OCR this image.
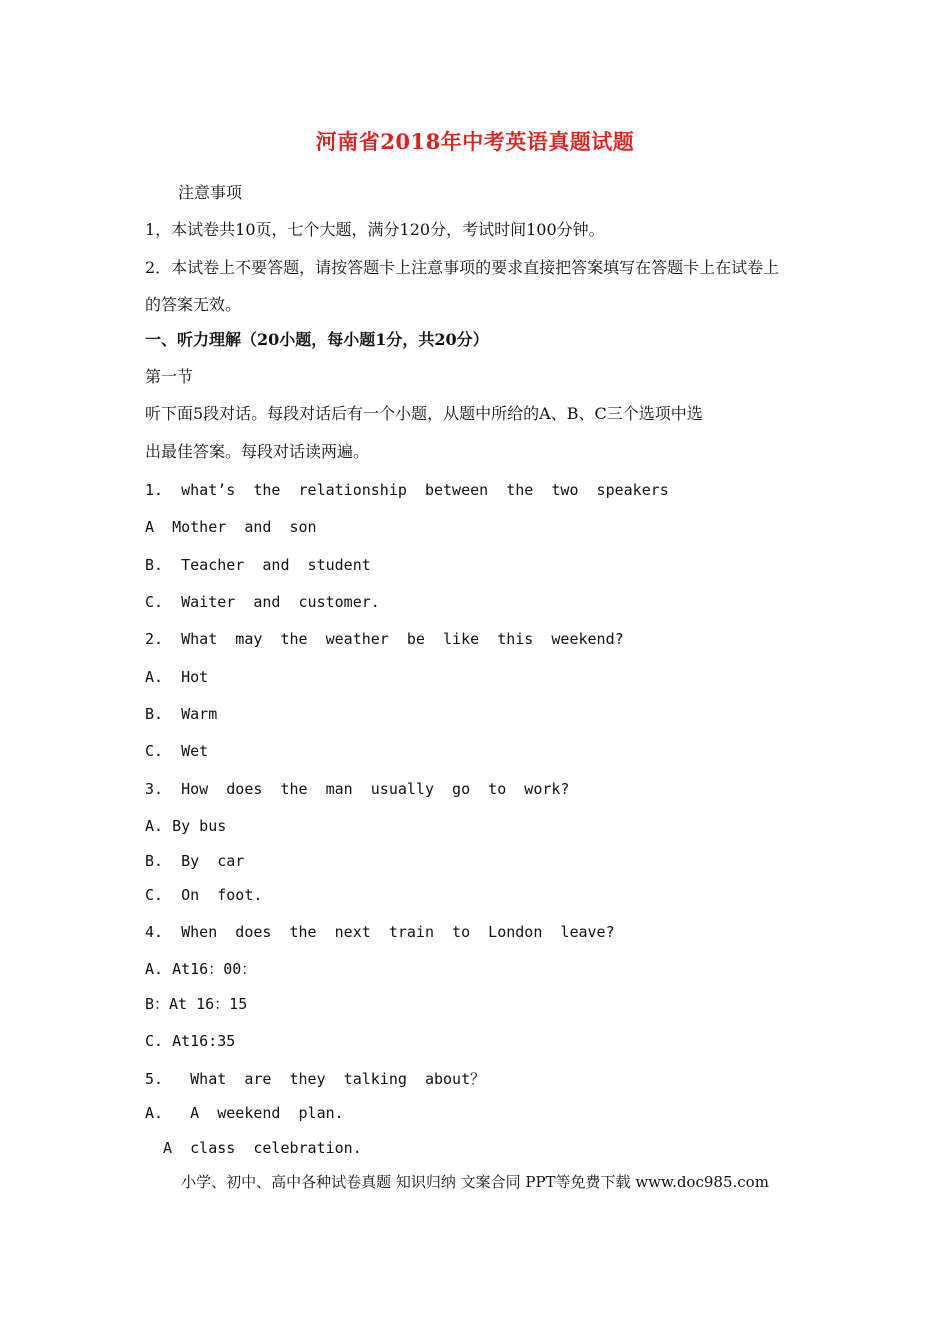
河南省2018年中考英语真题试题
注意事项
1，本试卷共10页，七个大题，满分120分，考试时间100分钟。
2．本试卷上不要答题，请按答题卡上注意事项的要求直接把答案填写在答题卡上在试卷上
的答案无效。
一、听力理解（20小题，每小题1分，共20分）
第一节
听下面5段对话。每段对话后有一个小题，从题中所给的A、B、C三个选项中选
出最佳答案。每段对话读两遍。
1.  what’s  the  relationship  between  the  two  speakers
A  Mother  and  son
B.  Teacher  and  student
C.  Waiter  and  customer.
2.  What  may  the  weather  be  like  this  weekend?
A.  Hot
B.  Warm
C.  Wet
3.  How  does  the  man  usually  go  to  work?
A. By bus
B.  By  car
C.  On  foot.
4.  When  does  the  next  train  to  London  leave?
A. At16：00：
B：At 16：15
C. At16:35
5.   What  are  they  talking  about？
A.   A  weekend  plan.
A  class  celebration.
小学、初中、高中各种试卷真题 知识归纳 文案合同 PPT等免费下载 www.doc985.com
